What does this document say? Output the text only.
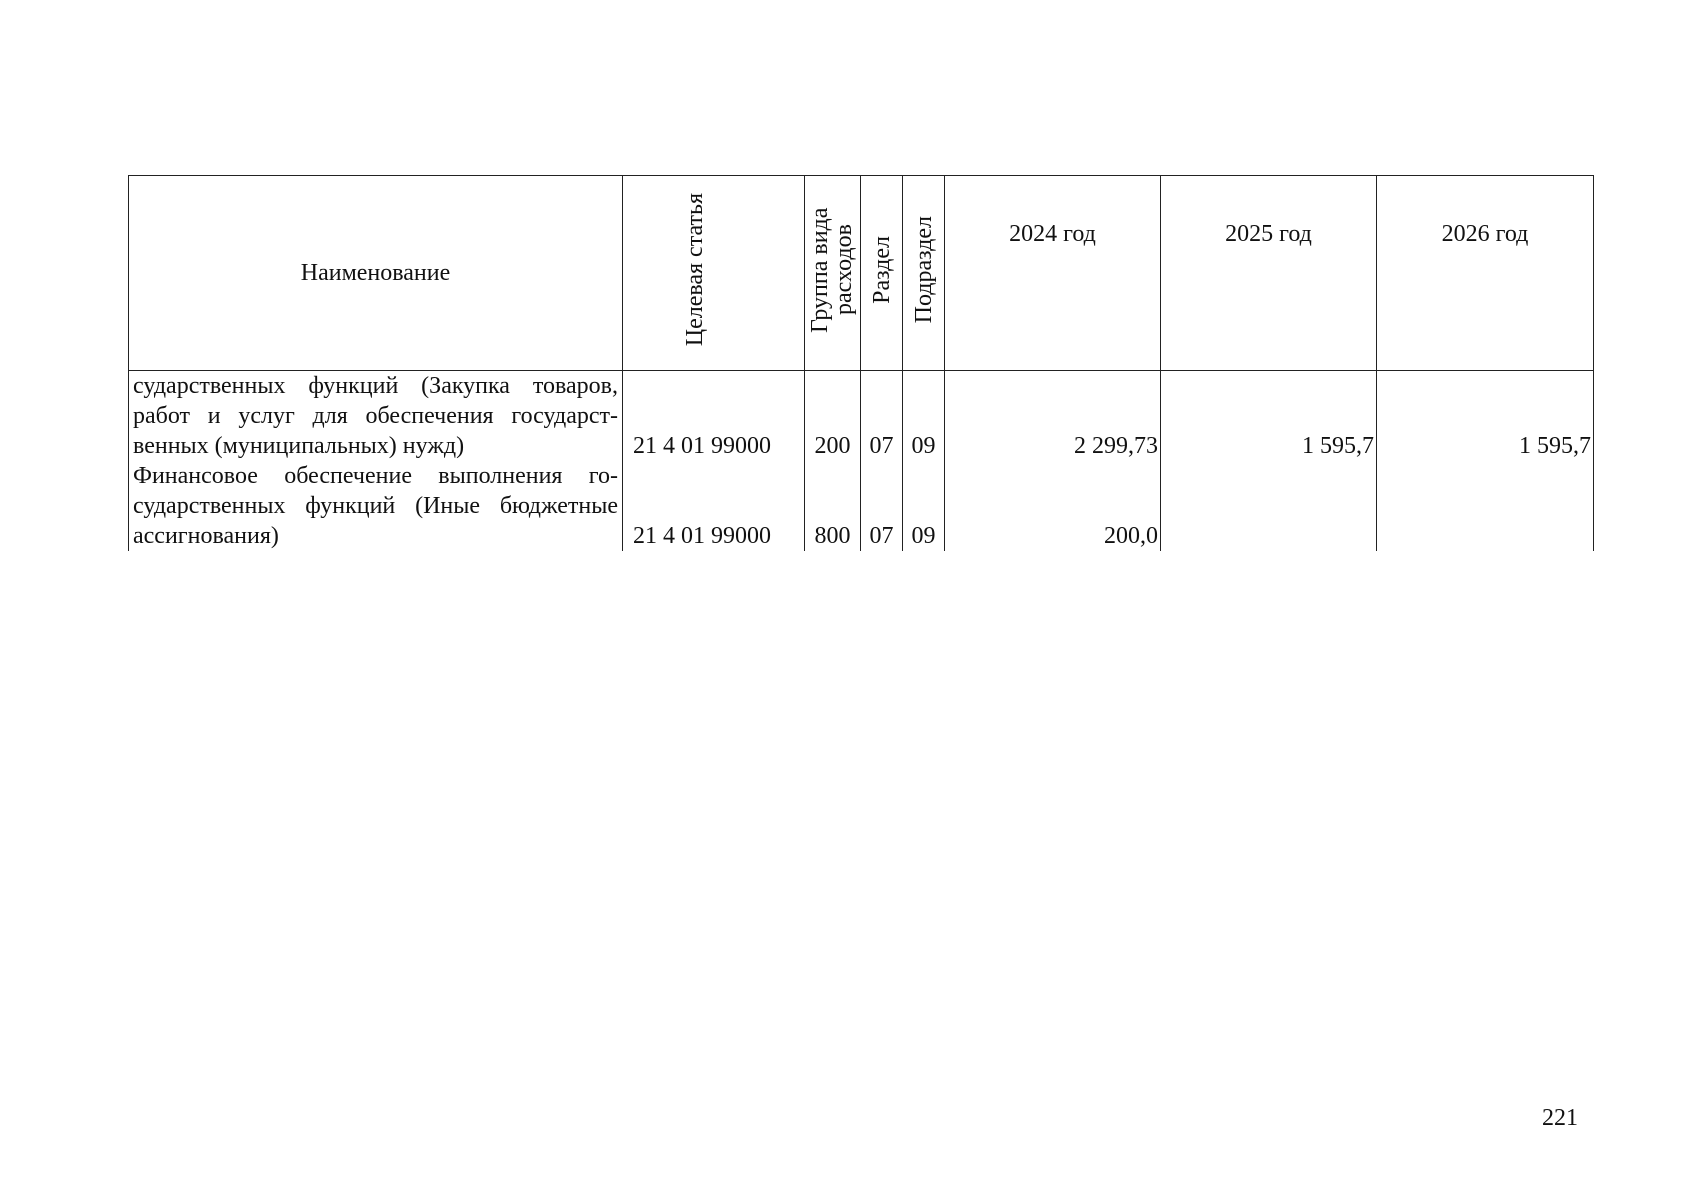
Наименование	Целевая статья	Группа вида расходов	Раздел	Подраздел	2024 год	2025 год	2026 год
сударственных функций (Закупка товаров, работ и услуг для обеспечения государственных (муниципальных) нужд)	21 4 01 99000	200	07	09	2 299,73	1 595,7	1 595,7
Финансовое обеспечение выполнения государственных функций (Иные бюджетные ассигнования)	21 4 01 99000	800	07	09	200,0		
221
